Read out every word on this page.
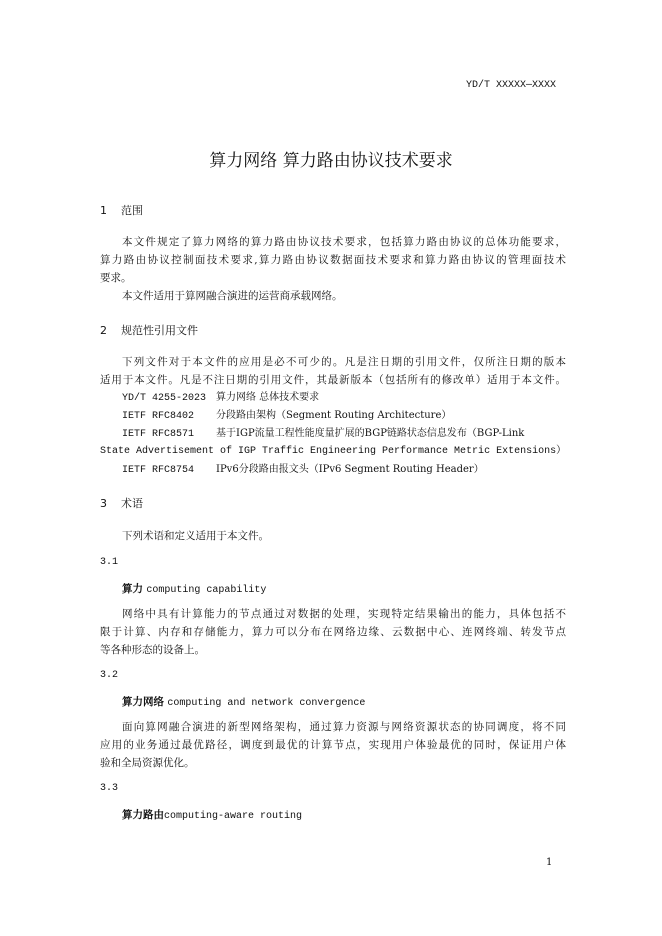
YD/T XXXXX—XXXX
算力网络 算力路由协议技术要求
1 范围
本文件规定了算力网络的算力路由协议技术要求，包括算力路由协议的总体功能要求，
算力路由协议控制面技术要求,算力路由协议数据面技术要求和算力路由协议的管理面技术
要求。
本文件适用于算网融合演进的运营商承载网络。
2 规范性引用文件
下列文件对于本文件的应用是必不可少的。凡是注日期的引用文件，仅所注日期的版本
适用于本文件。凡是不注日期的引用文件，其最新版本（包括所有的修改单）适用于本文件。
YD/T 4255-2023 算力网络 总体技术要求
IETF RFC8402 分段路由架构（Segment Routing Architecture）
IETF RFC8571 基于IGP流量工程性能度量扩展的BGP链路状态信息发布（BGP-Link
State Advertisement of IGP Traffic Engineering Performance Metric Extensions）
IETF RFC8754 IPv6分段路由报文头（IPv6 Segment Routing Header）
3 术语
下列术语和定义适用于本文件。
3.1
算力 computing capability
网络中具有计算能力的节点通过对数据的处理，实现特定结果输出的能力，具体包括不
限于计算、内存和存储能力，算力可以分布在网络边缘、云数据中心、连网终端、转发节点
等各种形态的设备上。
3.2
算力网络 computing and network convergence
面向算网融合演进的新型网络架构，通过算力资源与网络资源状态的协同调度，将不同
应用的业务通过最优路径，调度到最优的计算节点，实现用户体验最优的同时，保证用户体
验和全局资源优化。
3.3
算力路由computing-aware routing
1
